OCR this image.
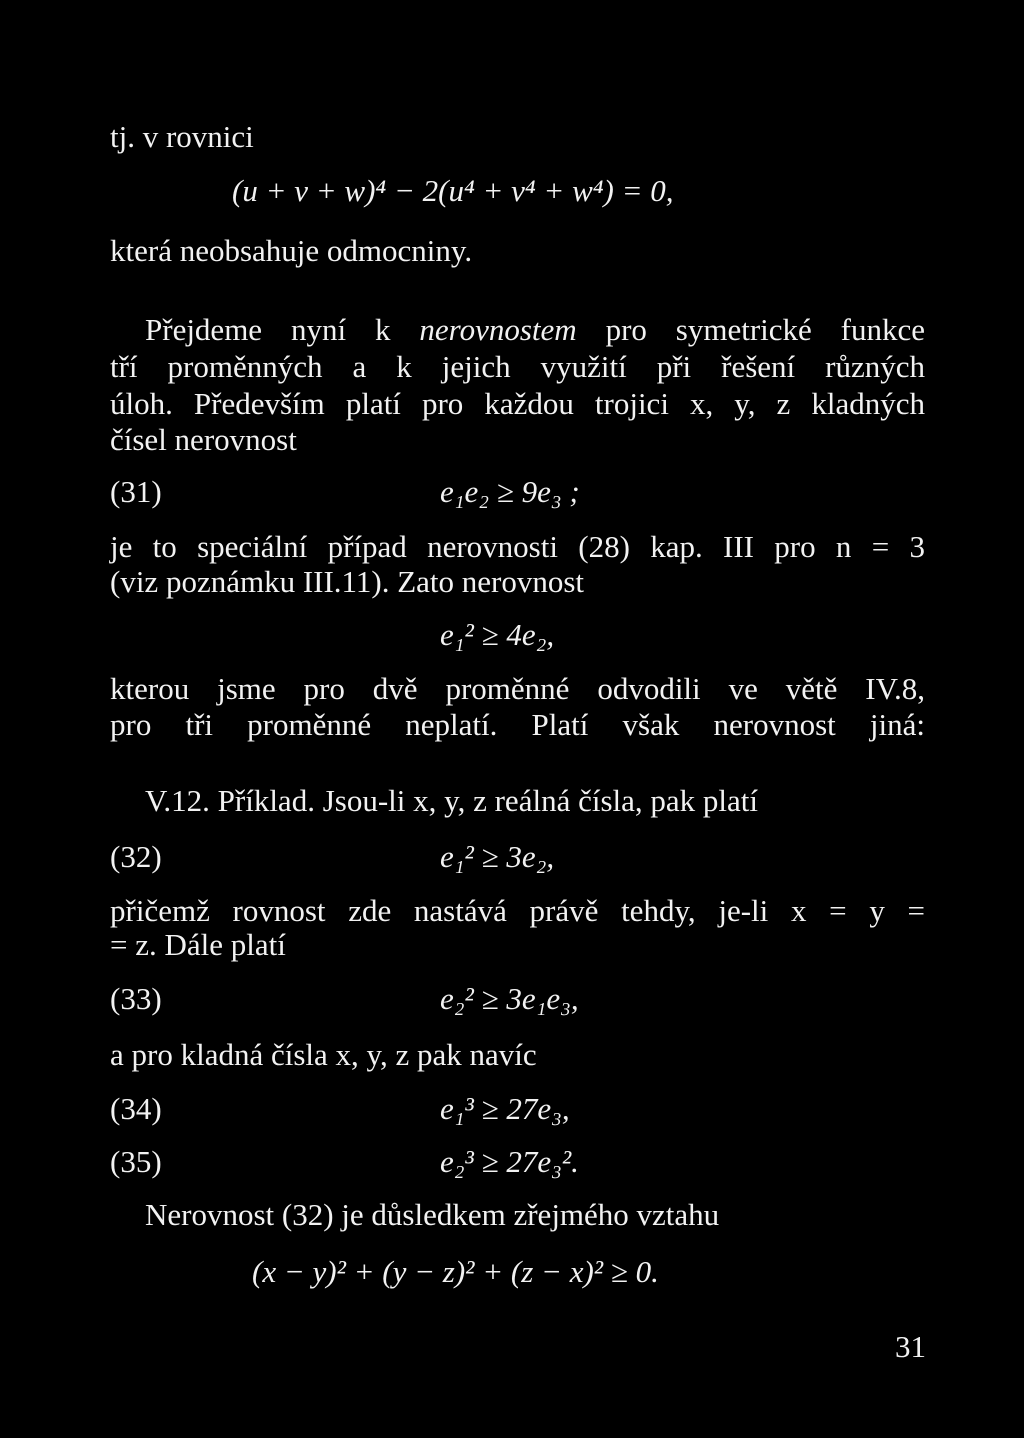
tj. v rovnici
(u + v + w)⁴ − 2(u⁴ + v⁴ + w⁴) = 0,
která neobsahuje odmocniny.
Přejdeme nyní k nerovnostem pro symetrické funkce
tří proměnných a k jejich využití při řešení různých
úloh. Především platí pro každou trojici x, y, z kladných
čísel nerovnost
(31)	e₁e₂ ≥ 9e₃ ;
je to speciální případ nerovnosti (28) kap. III pro n = 3
(viz poznámku III.11). Zato nerovnost
e₁² ≥ 4e₂,
kterou jsme pro dvě proměnné odvodili ve větě IV.8,
pro tři proměnné neplatí. Platí však nerovnost jiná:
V.12. Příklad. Jsou-li x, y, z reálná čísla, pak platí
(32)	e₁² ≥ 3e₂,
přičemž rovnost zde nastává právě tehdy, je-li x = y =
= z. Dále platí
(33)	e₂² ≥ 3e₁e₃,
a pro kladná čísla x, y, z pak navíc
(34)	e₁³ ≥ 27e₃,
(35)	e₂³ ≥ 27e₃².
Nerovnost (32) je důsledkem zřejmého vztahu
(x − y)² + (y − z)² + (z − x)² ≥ 0.
31
